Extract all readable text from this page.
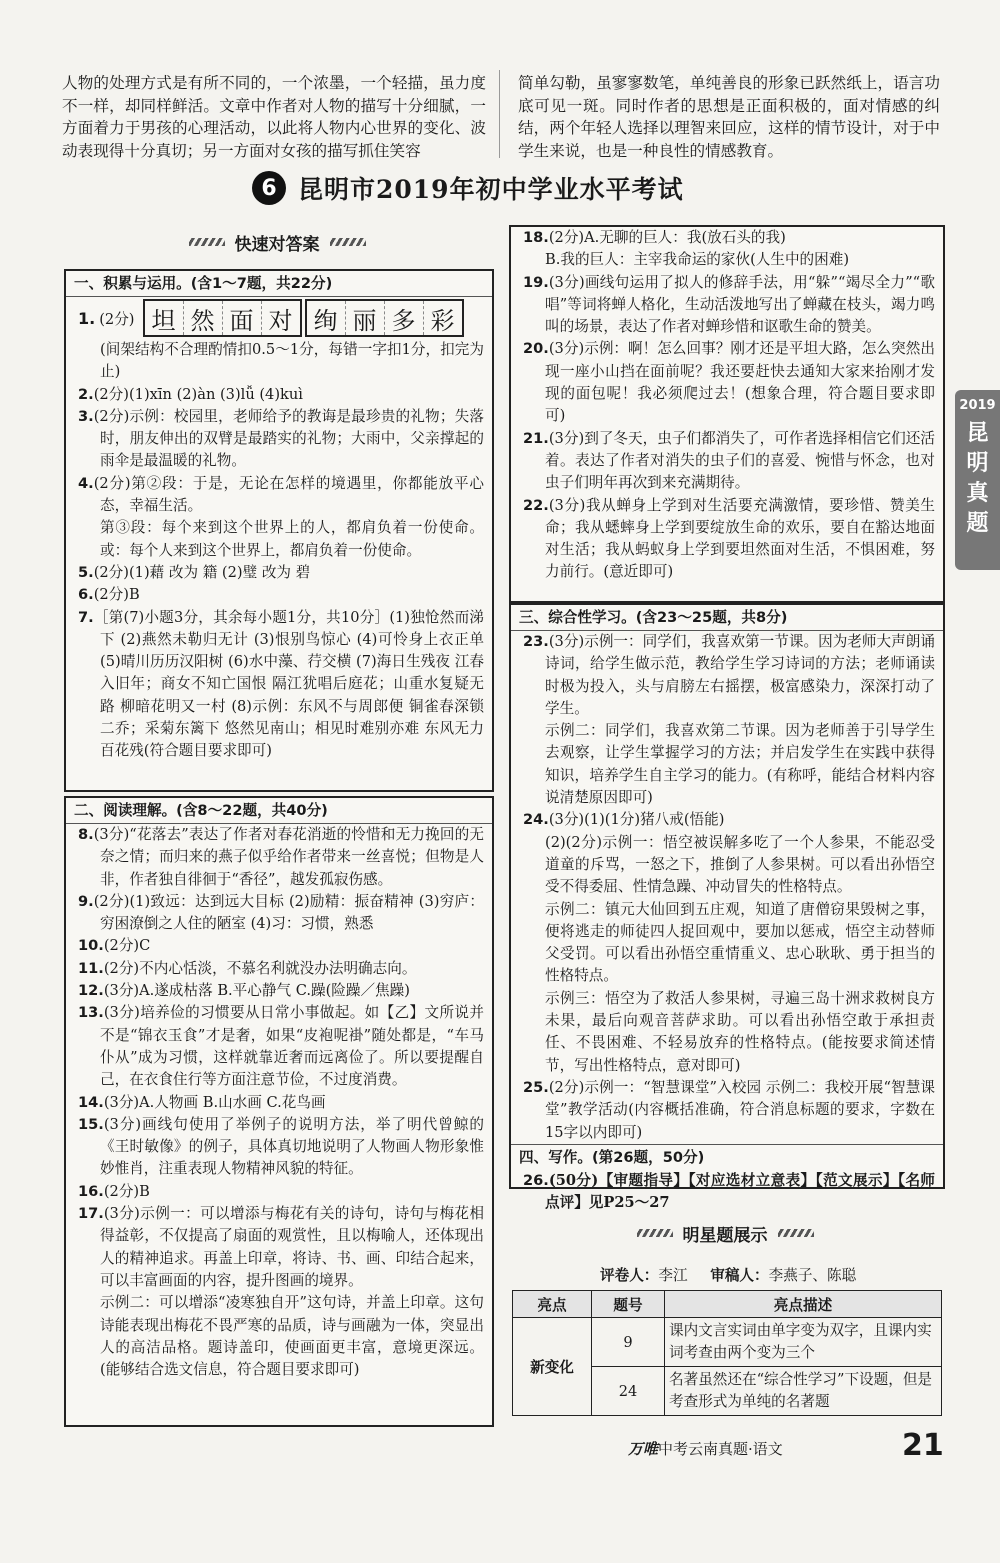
人物的处理方式是有所不同的，一个浓墨，一个轻描，虽力度不一样，却同样鲜活。文章中作者对人物的描写十分细腻，一方面着力于男孩的心理活动，以此将人物内心世界的变化、波动表现得十分真切；另一方面对女孩的描写抓住笑容
简单勾勒，虽寥寥数笔，单纯善良的形象已跃然纸上，语言功底可见一斑。同时作者的思想是正面积极的，面对情感的纠结，两个年轻人选择以理智来回应，这样的情节设计，对于中学生来说，也是一种良性的情感教育。
6 昆明市2019年初中学业水平考试
快速对答案
一、积累与运用。(含1～7题，共22分)
1. (2分) 坦 然 面 对 绚 丽 多 彩
(间架结构不合理酌情扣0.5～1分，每错一字扣1分，扣完为止)
2.(2分)(1)xīn (2)àn (3)lǚ (4)kuì
3.(2分)示例：校园里，老师给予的教诲是最珍贵的礼物；失落时，朋友伸出的双臂是最踏实的礼物；大雨中，父亲撑起的雨伞是最温暖的礼物。
4.(2分)第②段：于是，无论在怎样的境遇里，你都能放平心态，幸福生活。
第③段：每个来到这个世界上的人，都肩负着一份使命。或：每个人来到这个世界上，都肩负着一份使命。
5.(2分)(1)藉 改为 籍 (2)璧 改为 碧
6.(2分)B
7.［第(7)小题3分，其余每小题1分，共10分］(1)独怆然而涕下 (2)燕然未勒归无计 (3)恨别鸟惊心 (4)可怜身上衣正单 (5)晴川历历汉阳树 (6)水中藻、荇交横 (7)海日生残夜 江春入旧年；商女不知亡国恨 隔江犹唱后庭花；山重水复疑无路 柳暗花明又一村 (8)示例：东风不与周郎便 铜雀春深锁二乔；采菊东篱下 悠然见南山；相见时难别亦难 东风无力百花残(符合题目要求即可)
二、阅读理解。(含8～22题，共40分)
8.(3分)“花落去”表达了作者对春花消逝的怜惜和无力挽回的无奈之情；而归来的燕子似乎给作者带来一丝喜悦；但物是人非，作者独自徘徊于“香径”，越发孤寂伤感。
9.(2分)(1)致远：达到远大目标 (2)励精：振奋精神 (3)穷庐：穷困潦倒之人住的陋室 (4)习：习惯，熟悉
10.(2分)C
11.(2分)不内心恬淡，不慕名利就没办法明确志向。
12.(3分)A.遂成枯落 B.平心静气 C.躁(险躁／焦躁)
13.(3分)培养俭的习惯要从日常小事做起。如【乙】文所说并不是“锦衣玉食”才是奢，如果“皮袍呢褂”随处都是，“车马仆从”成为习惯，这样就靠近奢而远离俭了。所以要提醒自己，在衣食住行等方面注意节俭，不过度消费。
14.(3分)A.人物画 B.山水画 C.花鸟画
15.(3分)画线句使用了举例子的说明方法，举了明代曾鲸的《王时敏像》的例子，具体真切地说明了人物画人物形象惟妙惟肖，注重表现人物精神风貌的特征。
16.(2分)B
17.(3分)示例一：可以增添与梅花有关的诗句，诗句与梅花相得益彰，不仅提高了扇面的观赏性，且以梅喻人，还体现出人的精神追求。再盖上印章，将诗、书、画、印结合起来，可以丰富画面的内容，提升图画的境界。
示例二：可以增添“凌寒独自开”这句诗，并盖上印章。这句诗能表现出梅花不畏严寒的品质，诗与画融为一体，突显出人的高洁品格。题诗盖印，使画面更丰富，意境更深远。(能够结合选文信息，符合题目要求即可)
18.(2分)A.无聊的巨人：我(放石头的我)
B.我的巨人：主宰我命运的家伙(人生中的困难)
19.(3分)画线句运用了拟人的修辞手法，用“躲”“竭尽全力”“歌唱”等词将蝉人格化，生动活泼地写出了蝉藏在枝头，竭力鸣叫的场景，表达了作者对蝉珍惜和讴歌生命的赞美。
20.(3分)示例：啊！怎么回事？刚才还是平坦大路，怎么突然出现一座小山挡在面前呢？我还要赶快去通知大家来抬刚才发现的面包呢！我必须爬过去！(想象合理，符合题目要求即可)
21.(3分)到了冬天，虫子们都消失了，可作者选择相信它们还活着。表达了作者对消失的虫子们的喜爱、惋惜与怀念，也对虫子们明年再次到来充满期待。
22.(3分)我从蝉身上学到对生活要充满激情，要珍惜、赞美生命；我从蟋蟀身上学到要绽放生命的欢乐，要自在豁达地面对生活；我从蚂蚁身上学到要坦然面对生活，不惧困难，努力前行。(意近即可)
三、综合性学习。(含23～25题，共8分)
23.(3分)示例一：同学们，我喜欢第一节课。因为老师大声朗诵诗词，给学生做示范，教给学生学习诗词的方法；老师诵读时极为投入，头与肩膀左右摇摆，极富感染力，深深打动了学生。
示例二：同学们，我喜欢第二节课。因为老师善于引导学生去观察，让学生掌握学习的方法；并启发学生在实践中获得知识，培养学生自主学习的能力。(有称呼，能结合材料内容说清楚原因即可)
24.(3分)(1)(1分)猪八戒(悟能)
(2)(2分)示例一：悟空被误解多吃了一个人参果，不能忍受道童的斥骂，一怒之下，推倒了人参果树。可以看出孙悟空受不得委屈、性情急躁、冲动冒失的性格特点。
示例二：镇元大仙回到五庄观，知道了唐僧窃果毁树之事，便将逃走的师徒四人捉回观中，要加以惩戒，悟空主动替师父受罚。可以看出孙悟空重情重义、忠心耿耿、勇于担当的性格特点。
示例三：悟空为了救活人参果树，寻遍三岛十洲求救树良方未果，最后向观音菩萨求助。可以看出孙悟空敢于承担责任、不畏困难、不轻易放弃的性格特点。(能按要求简述情节，写出性格特点，意对即可)
25.(2分)示例一：“智慧课堂”入校园 示例二：我校开展“智慧课堂”教学活动(内容概括准确，符合消息标题的要求，字数在15字以内即可)
四、写作。(第26题，50分)
26.(50分)【审题指导】【对应选材立意表】【范文展示】【名师点评】见P25～27
明星题展示
评卷人：李江 审稿人：李燕子、陈聪
亮点	题号	亮点描述
新变化	9	课内文言实词由单字变为双字，且课内实词考查由两个变为三个
	24	名著虽然还在“综合性学习”下设题，但是考查形式为单纯的名著题
2019
昆
明
真
题
万唯中考云南真题·语文	21
